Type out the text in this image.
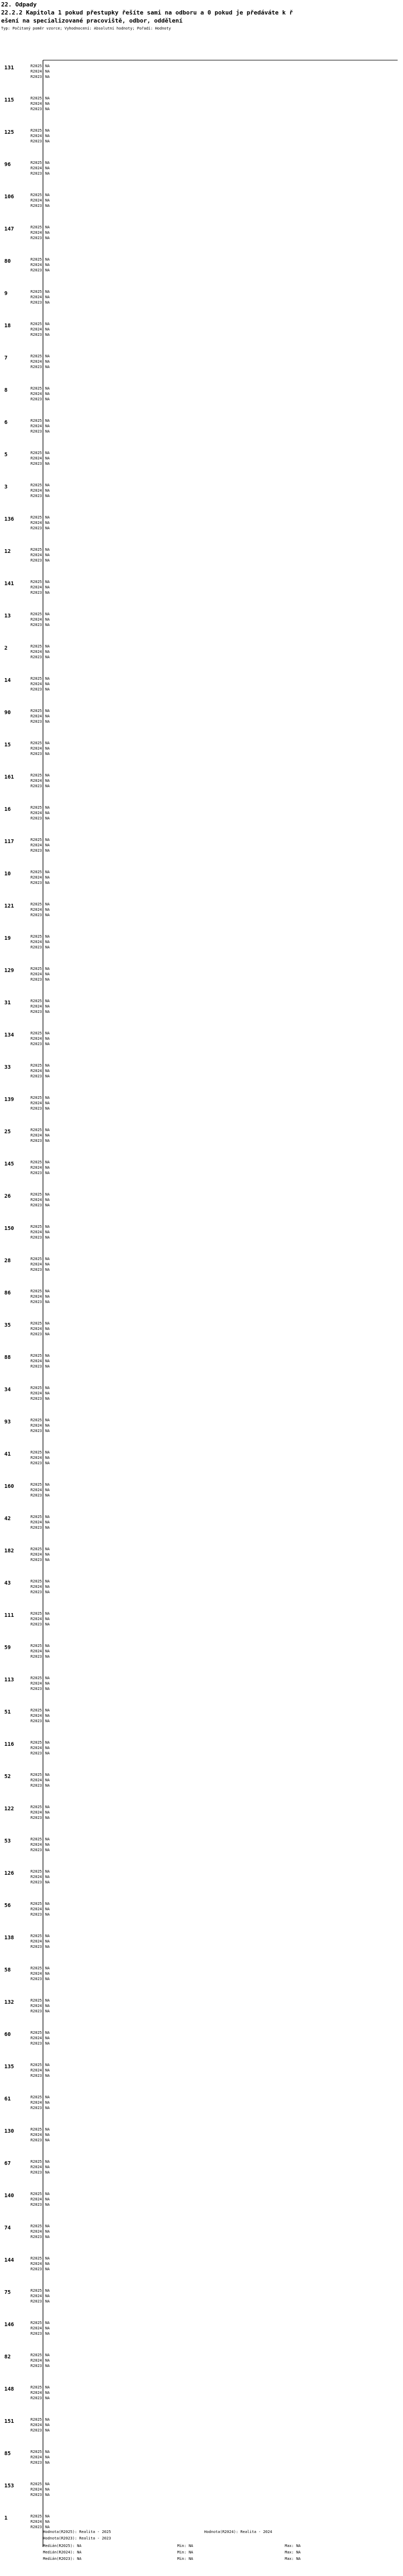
22. Odpady
22.2.2 Kapitola 1 pokud přestupky řešíte sami na odboru a 0 pokud je předáváte k ř
ešení na specializované pracoviště, odbor, oddělení
Typ: Počitaný poměr vzorce; Vyhodnocení: Absolutní hodnoty; Pořadí: Hodnoty
131	R2025 NA
R2024 NA
R2023 NA
115	R2025 NA
R2024 NA
R2023 NA
125	R2025 NA
R2024 NA
R2023 NA
96	R2025 NA
R2024 NA
R2023 NA
106	R2025 NA
R2024 NA
R2023 NA
147	R2025 NA
R2024 NA
R2023 NA
80	R2025 NA
R2024 NA
R2023 NA
9	R2025 NA
R2024 NA
R2023 NA
18	R2025 NA
R2024 NA
R2023 NA
7	R2025 NA
R2024 NA
R2023 NA
8	R2025 NA
R2024 NA
R2023 NA
6	R2025 NA
R2024 NA
R2023 NA
5	R2025 NA
R2024 NA
R2023 NA
3	R2025 NA
R2024 NA
R2023 NA
136	R2025 NA
R2024 NA
R2023 NA
12	R2025 NA
R2024 NA
R2023 NA
141	R2025 NA
R2024 NA
R2023 NA
13	R2025 NA
R2024 NA
R2023 NA
2	R2025 NA
R2024 NA
R2023 NA
14	R2025 NA
R2024 NA
R2023 NA
90	R2025 NA
R2024 NA
R2023 NA
15	R2025 NA
R2024 NA
R2023 NA
161	R2025 NA
R2024 NA
R2023 NA
16	R2025 NA
R2024 NA
R2023 NA
117	R2025 NA
R2024 NA
R2023 NA
10	R2025 NA
R2024 NA
R2023 NA
121	R2025 NA
R2024 NA
R2023 NA
19	R2025 NA
R2024 NA
R2023 NA
129	R2025 NA
R2024 NA
R2023 NA
31	R2025 NA
R2024 NA
R2023 NA
134	R2025 NA
R2024 NA
R2023 NA
33	R2025 NA
R2024 NA
R2023 NA
139	R2025 NA
R2024 NA
R2023 NA
25	R2025 NA
R2024 NA
R2023 NA
145	R2025 NA
R2024 NA
R2023 NA
26	R2025 NA
R2024 NA
R2023 NA
150	R2025 NA
R2024 NA
R2023 NA
28	R2025 NA
R2024 NA
R2023 NA
86	R2025 NA
R2024 NA
R2023 NA
35	R2025 NA
R2024 NA
R2023 NA
88	R2025 NA
R2024 NA
R2023 NA
34	R2025 NA
R2024 NA
R2023 NA
93	R2025 NA
R2024 NA
R2023 NA
41	R2025 NA
R2024 NA
R2023 NA
160	R2025 NA
R2024 NA
R2023 NA
42	R2025 NA
R2024 NA
R2023 NA
182	R2025 NA
R2024 NA
R2023 NA
43	R2025 NA
R2024 NA
R2023 NA
111	R2025 NA
R2024 NA
R2023 NA
59	R2025 NA
R2024 NA
R2023 NA
113	R2025 NA
R2024 NA
R2023 NA
51	R2025 NA
R2024 NA
R2023 NA
116	R2025 NA
R2024 NA
R2023 NA
52	R2025 NA
R2024 NA
R2023 NA
122	R2025 NA
R2024 NA
R2023 NA
53	R2025 NA
R2024 NA
R2023 NA
126	R2025 NA
R2024 NA
R2023 NA
56	R2025 NA
R2024 NA
R2023 NA
138	R2025 NA
R2024 NA
R2023 NA
58	R2025 NA
R2024 NA
R2023 NA
132	R2025 NA
R2024 NA
R2023 NA
60	R2025 NA
R2024 NA
R2023 NA
135	R2025 NA
R2024 NA
R2023 NA
61	R2025 NA
R2024 NA
R2023 NA
130	R2025 NA
R2024 NA
R2023 NA
67	R2025 NA
R2024 NA
R2023 NA
140	R2025 NA
R2024 NA
R2023 NA
74	R2025 NA
R2024 NA
R2023 NA
144	R2025 NA
R2024 NA
R2023 NA
75	R2025 NA
R2024 NA
R2023 NA
146	R2025 NA
R2024 NA
R2023 NA
82	R2025 NA
R2024 NA
R2023 NA
148	R2025 NA
R2024 NA
R2023 NA
151	R2025 NA
R2024 NA
R2023 NA
85	R2025 NA
R2024 NA
R2023 NA
153	R2025 NA
R2024 NA
R2023 NA
1	R2025 NA
R2024 NA
R2023 NA
Hodnota(R2025): Realita - 2025	Hodnota(R2024): Realita - 2024
Hodnota(R2023): Realita - 2023
Medián(R2025): NA	Min: NA	Max: NA
Medián(R2024): NA	Min: NA	Max: NA
Medián(R2023): NA	Min: NA	Max: NA
